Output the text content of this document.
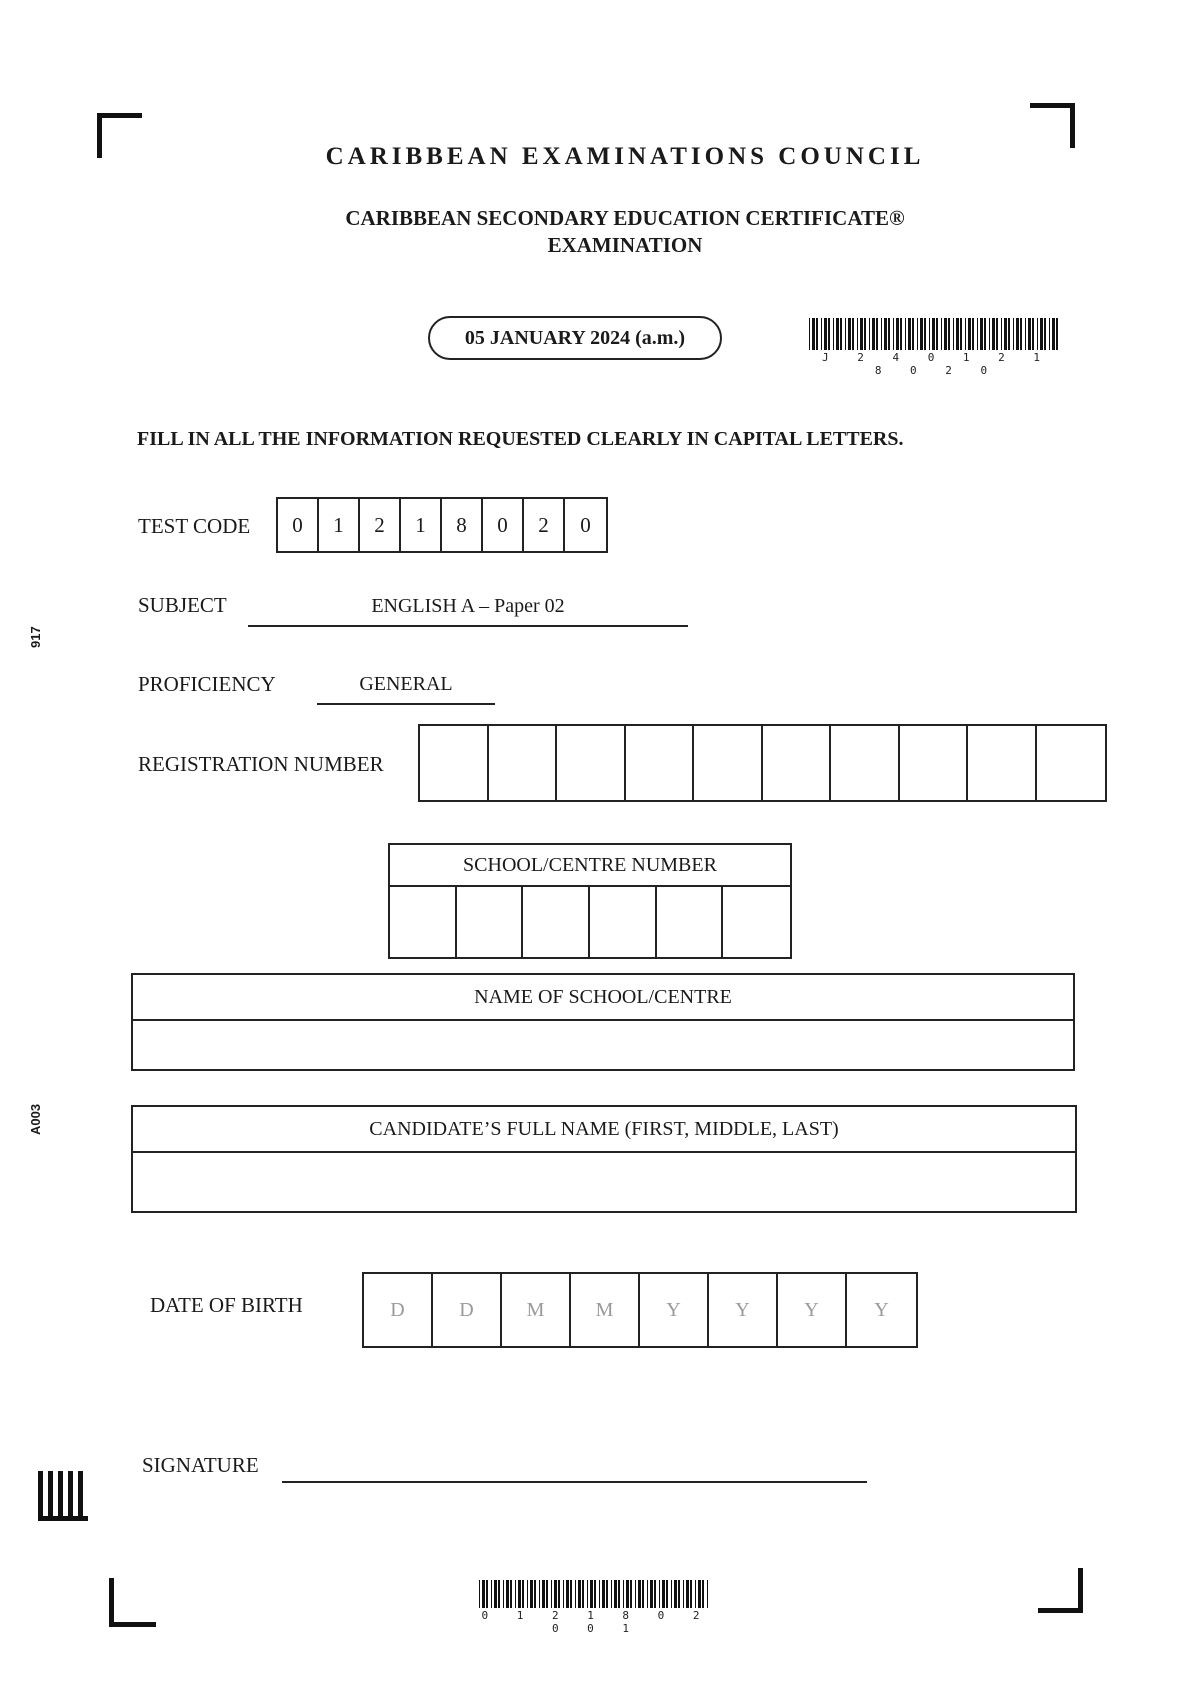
917
A003
CARIBBEAN EXAMINATIONS COUNCIL
CARIBBEAN SECONDARY EDUCATION CERTIFICATE®
EXAMINATION
05 JANUARY 2024 (a.m.)
J 2 4 0 1 2 1 8 0 2 0
FILL IN ALL THE INFORMATION REQUESTED CLEARLY IN CAPITAL LETTERS.
TEST CODE	0	1	2	1	8	0	2	0
SUBJECT	ENGLISH A – Paper 02
PROFICIENCY	GENERAL
REGISTRATION NUMBER
SCHOOL/CENTRE NUMBER
NAME OF SCHOOL/CENTRE
CANDIDATE’S FULL NAME (FIRST, MIDDLE, LAST)
DATE OF BIRTH	D	D	M	M	Y	Y	Y	Y
SIGNATURE
0 1 2 1 8 0 2 0 0 1
